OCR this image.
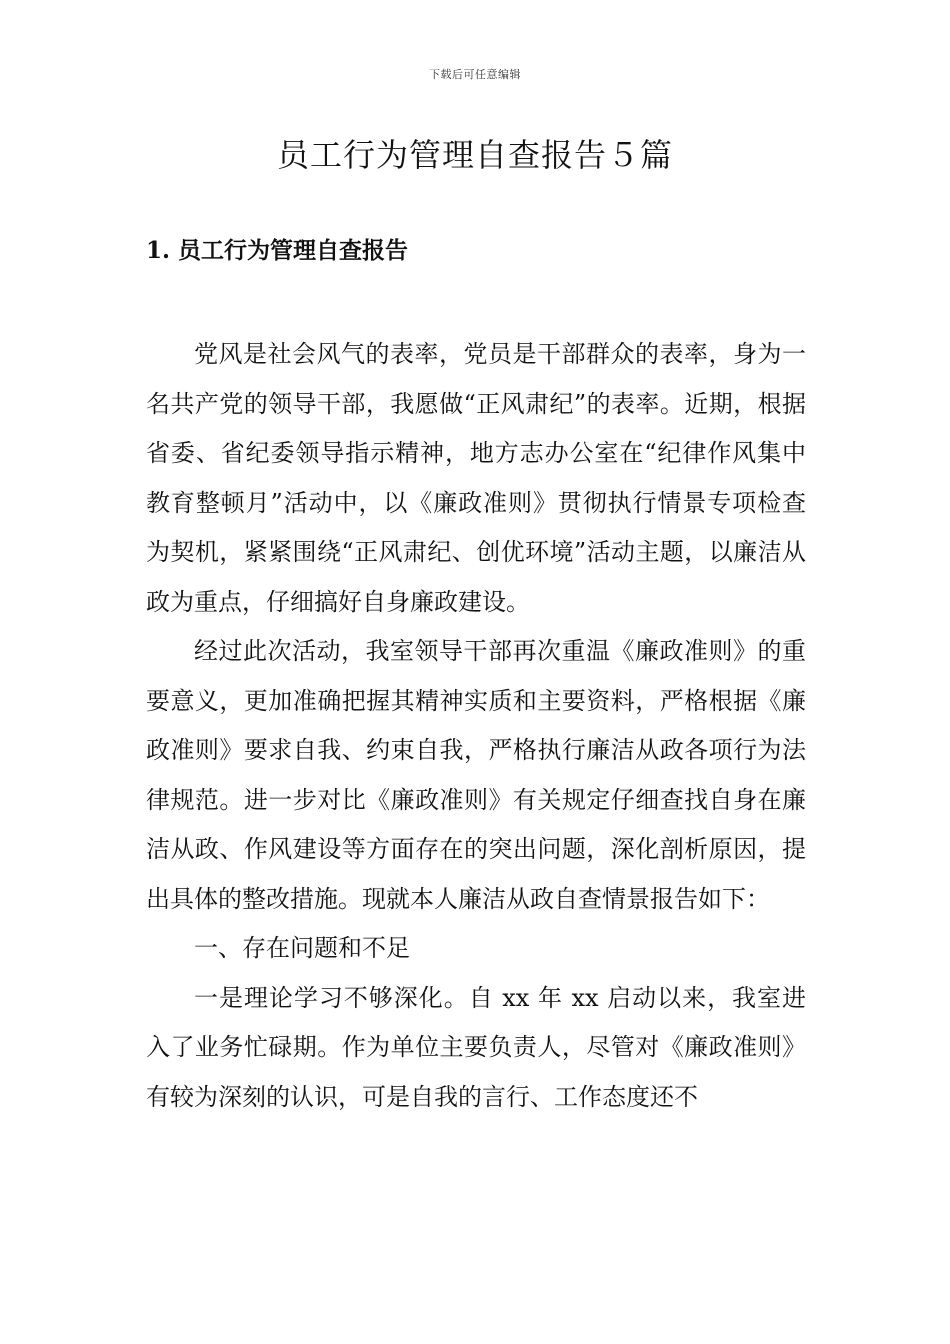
下载后可任意编辑
员工行为管理自查报告５篇
1. 员工行为管理自查报告

党风是社会风气的表率，党员是干部群众的表率，身为一名共产党的领导干部，我愿做“正风肃纪”的表率。近期，根据省委、省纪委领导指示精神，地方志办公室在“纪律作风集中教育整顿月”活动中，以《廉政准则》贯彻执行情景专项检查为契机，紧紧围绕“正风肃纪、创优环境”活动主题，以廉洁从政为重点，仔细搞好自身廉政建设。

经过此次活动，我室领导干部再次重温《廉政准则》的重要意义，更加准确把握其精神实质和主要资料，严格根据《廉政准则》要求自我、约束自我，严格执行廉洁从政各项行为法律规范。进一步对比《廉政准则》有关规定仔细查找自身在廉洁从政、作风建设等方面存在的突出问题，深化剖析原因，提出具体的整改措施。现就本人廉洁从政自查情景报告如下：

一、存在问题和不足

一是理论学习不够深化。自 xx 年 xx 启动以来，我室进入了业务忙碌期。作为单位主要负责人，尽管对《廉政准则》有较为深刻的认识，可是自我的言行、工作态度还不
